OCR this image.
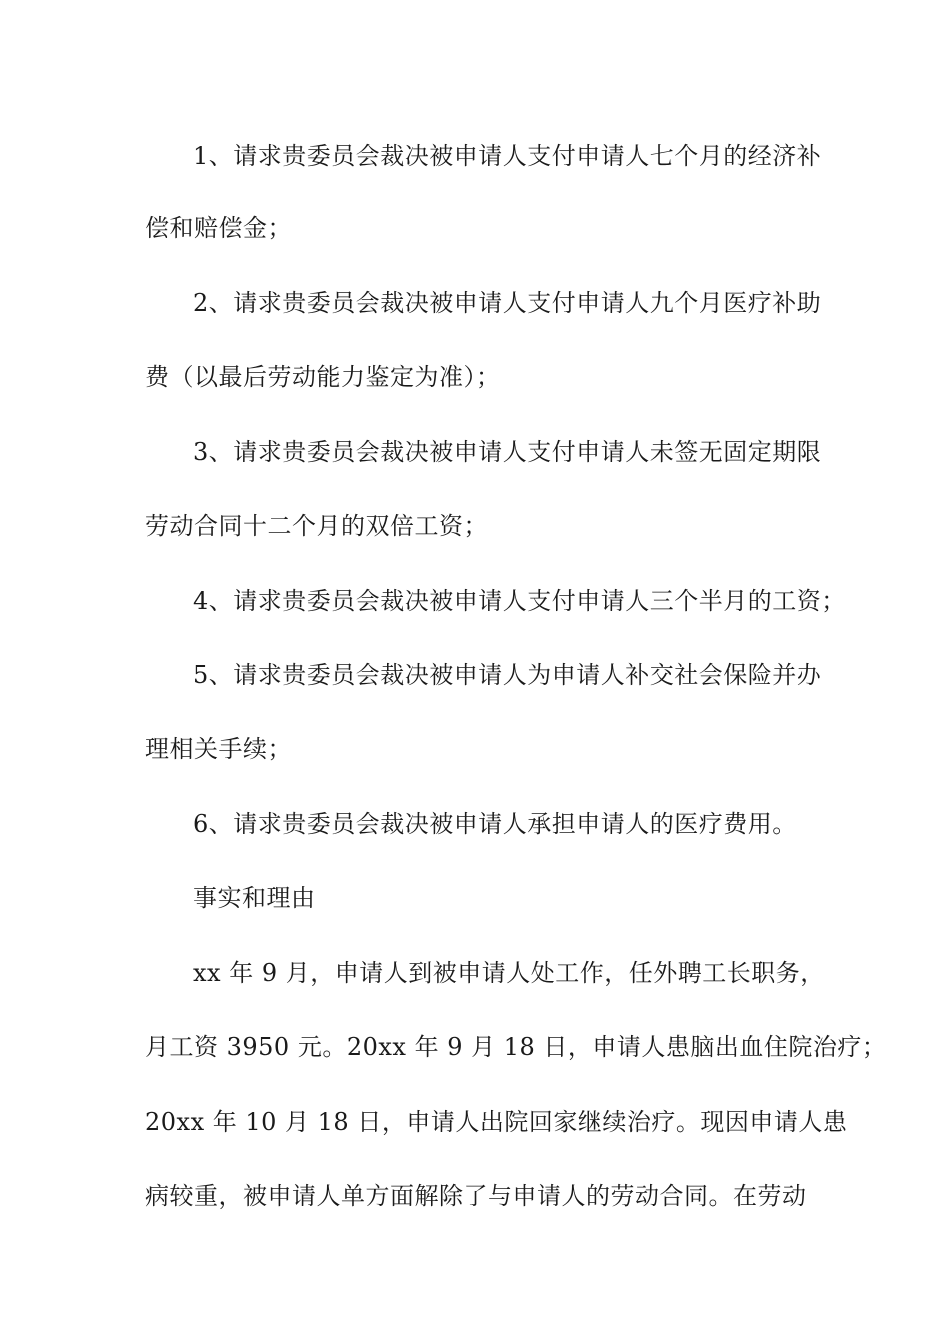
1、请求贵委员会裁决被申请人支付申请人七个月的经济补
偿和赔偿金；
2、请求贵委员会裁决被申请人支付申请人九个月医疗补助
费（以最后劳动能力鉴定为准）；
3、请求贵委员会裁决被申请人支付申请人未签无固定期限
劳动合同十二个月的双倍工资；
4、请求贵委员会裁决被申请人支付申请人三个半月的工资；
5、请求贵委员会裁决被申请人为申请人补交社会保险并办
理相关手续；
6、请求贵委员会裁决被申请人承担申请人的医疗费用。
事实和理由
xx 年 9 月，申请人到被申请人处工作，任外聘工长职务，
月工资 3950 元。20xx 年 9 月 18 日，申请人患脑出血住院治疗；
20xx 年 10 月 18 日，申请人出院回家继续治疗。现因申请人患
病较重，被申请人单方面解除了与申请人的劳动合同。在劳动
